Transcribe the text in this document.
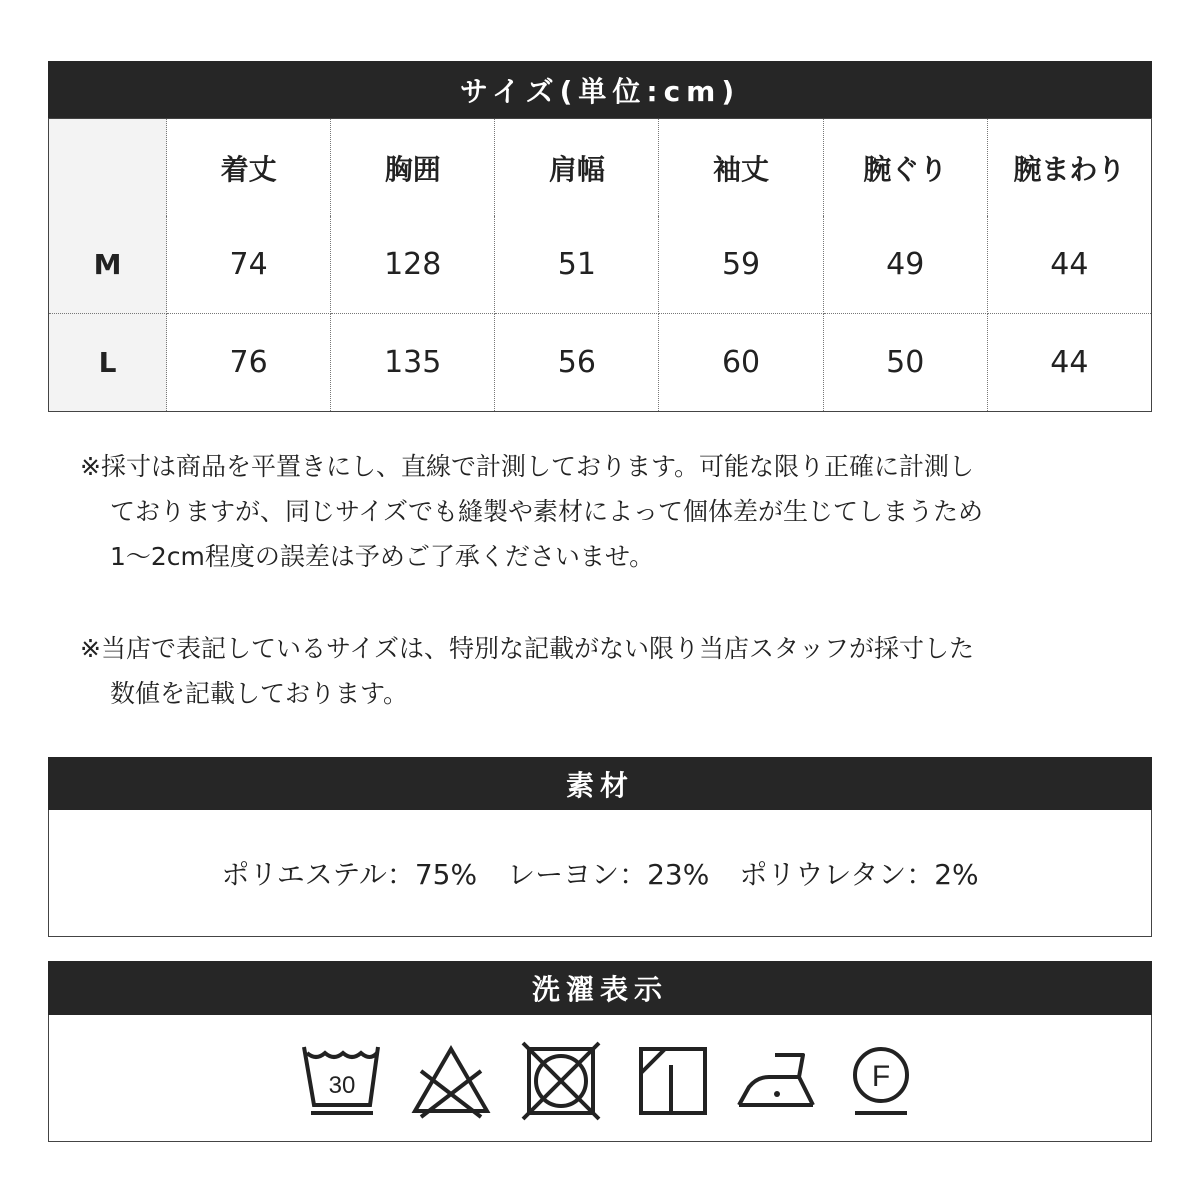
サイズ(単位:cm)
	着丈	胸囲	肩幅	袖丈	腕ぐり	腕まわり
M	74	128	51	59	49	44
L	76	135	56	60	50	44
※採寸は商品を平置きにし、直線で計測しております。可能な限り正確に計測し
ておりますが、同じサイズでも縫製や素材によって個体差が生じてしまうため
1～2cm程度の誤差は予めご了承くださいませ。
※当店で表記しているサイズは、特別な記載がない限り当店スタッフが採寸した
数値を記載しております。
素材
ポリエステル：75% レーヨン：23% ポリウレタン：2%
洗濯表示
30	F
